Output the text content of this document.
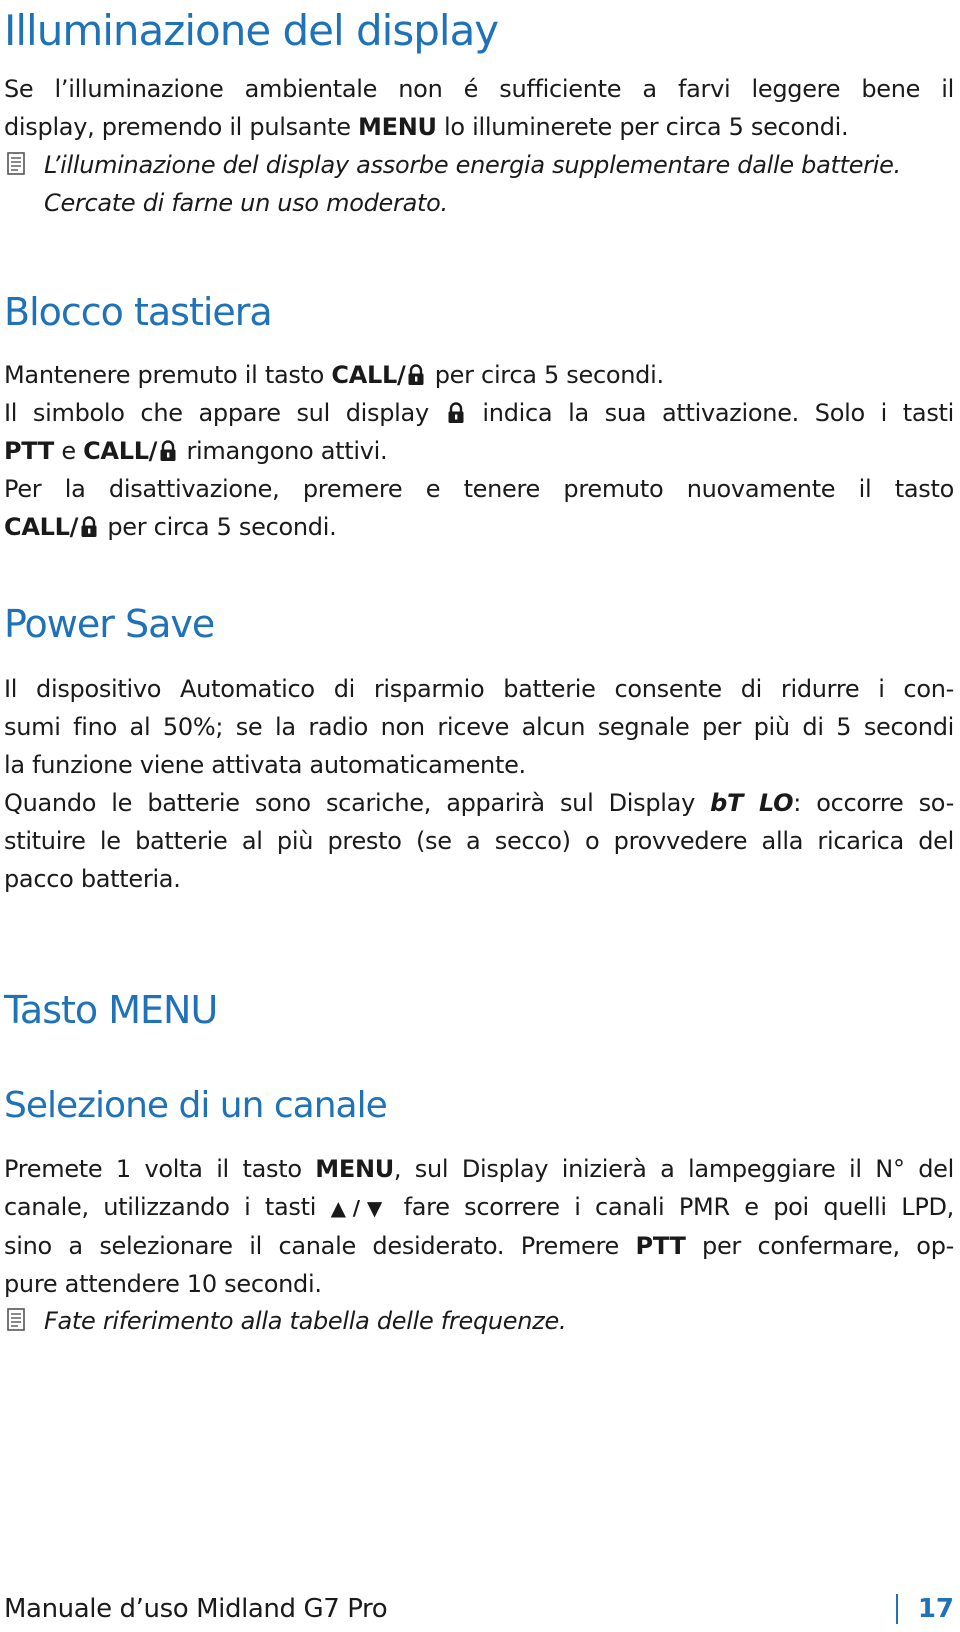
Illuminazione del display

Se l’illuminazione ambientale non é sufficiente a farvi leggere bene il
display, premendo il pulsante MENU lo illuminerete per circa 5 secondi.

L’illuminazione del display assorbe energia supplementare dalle batterie.
Cercate di farne un uso moderato.

Blocco tastiera

Mantenere premuto il tasto CALL/ per circa 5 secondi.
Il simbolo che appare sul display  indica la sua attivazione. Solo i tasti
PTT e CALL/ rimangono attivi.
Per la disattivazione, premere e tenere premuto nuovamente il tasto
CALL/ per circa 5 secondi.

Power Save

Il dispositivo Automatico di risparmio batterie consente di ridurre i con-
sumi fino al 50%; se la radio non riceve alcun segnale per più di 5 secondi
la funzione viene attivata automaticamente.
Quando le batterie sono scariche, apparirà sul Display bT LO: occorre so-
stituire le batterie al più presto (se a secco) o provvedere alla ricarica del
pacco batteria.

Tasto MENU
Selezione di un canale

Premete 1 volta il tasto MENU, sul Display inizierà a lampeggiare il N° del
canale, utilizzando i tasti ▲/▼ fare scorrere i canali PMR e poi quelli LPD,
sino a selezionare il canale desiderato. Premere PTT per confermare, op-
pure attendere 10 secondi.

Fate riferimento alla tabella delle frequenze.

Manuale d’uso Midland G7 Pro	17
